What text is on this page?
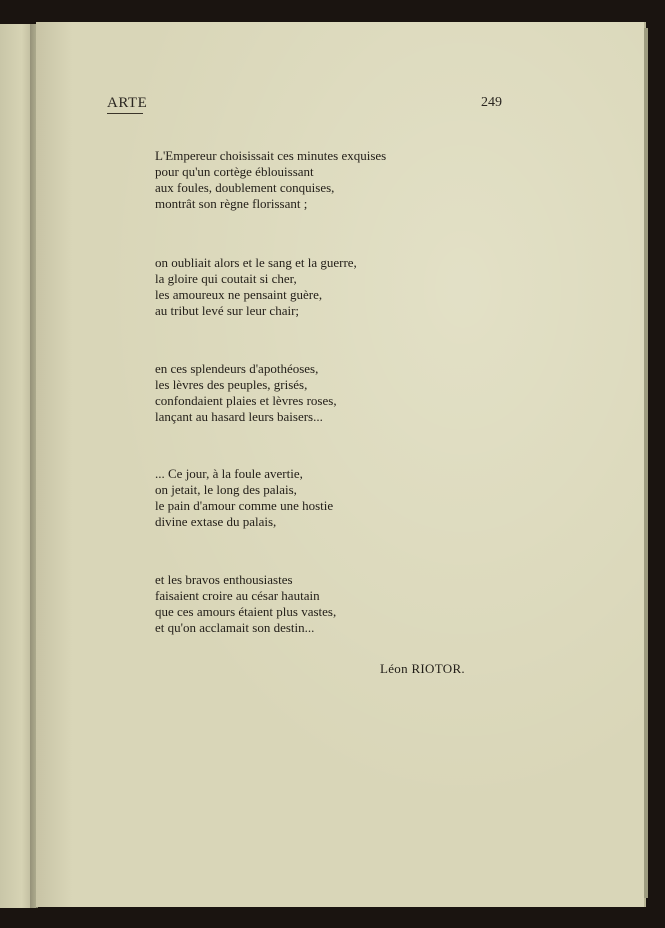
ARTE	249
L'Empereur choisissait ces minutes exquises
pour qu'un cortège éblouissant
aux foules, doublement conquises,
montrât son règne florissant ;
on oubliait alors et le sang et la guerre,
la gloire qui coutait si cher,
les amoureux ne pensaint guère,
au tribut levé sur leur chair;
en ces splendeurs d'apothéoses,
les lèvres des peuples, grisés,
confondaient plaies et lèvres roses,
lançant au hasard leurs baisers...
... Ce jour, à la foule avertie,
on jetait, le long des palais,
le pain d'amour comme une hostie
divine extase du palais,
et les bravos enthousiastes
faisaient croire au césar hautain
que ces amours étaient plus vastes,
et qu'on acclamait son destin...
Léon RIOTOR.
